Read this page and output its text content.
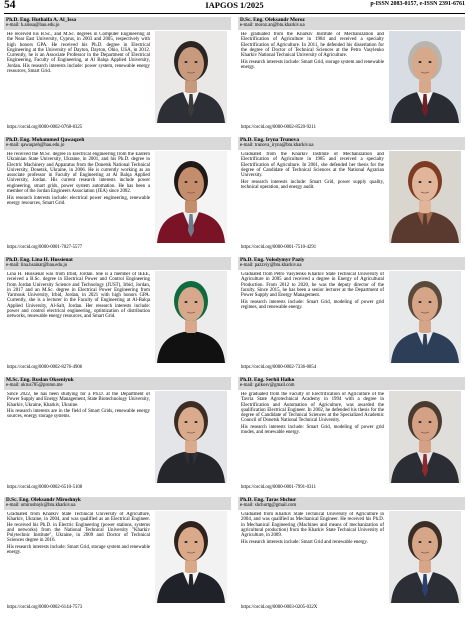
54	IAPGOS 1/2025	p-ISSN 2083-0157, e-ISSN 2391-6761
Ph.D. Eng. Huthaifa A. Al_Issa
e-mail: h.alissa@bau.edu.jo

He received his B.Sc., and M.Sc. degrees in Computer Engineering at the Near East University, Cyprus, in 2003 and 2005, respectively with high honors GPA. He received his Ph.D. degree in Electrical Engineering at the University of Dayton, Dayton, Ohio, USA, in 2012. Currently, he is an Associate Professor in the Department of Electrical Engineering, Faculty of Engineering, at Al Balqa Applied University, Jordan. His research interests include: power system, renewable energy resources, Smart Grid.

https://orcid.org/0000-0002-0768-8325
D.Sc. Eng. Oleksandr Moroz
e-mail: moroz.an@btu.kharkiv.ua

He graduated from the Kharkiv Institute of Mechanization and Electrification of Agriculture in 1984 and received a specialty Electrification of Agriculture. In 2011, he defended his dissertation for the degree of Doctor of Technical Sciences at the Petro Vasylenko Kharkiv National Technical University of Agriculture.

His research interests include: Smart Grid, storage system and renewable energy.

https://orcid.org/0000-0002-8520-9211
Ph.D. Eng. Mohammed Qawaqzeh
e-mail: qawaqzeh@bau.edu.jo

He received the M.Sc. degree in Electrical engineering from the Eastern Ukrainian State University, Ukraine, in 2001, and his Ph.D. degree in Electric Machinery and Apparatus from the Donetsk National Technical University, Donetsk, Ukraine, in 2006. He is currently working as an associate professor in Faculty of Engineering at Al Balqa Applied University, Jordan. His current research interests include power engineering, smart grids, power system automation. He has been a member of the Jordan Engineers Association (JEA) since 2002.

His research interests include: electrical power engineering, renewable energy resources, Smart Grid.

https://orcid.org/0000-0001-7027-5577
Ph.D. Eng. Iryna Trunova
e-mail: trunova_iryna@btu.kharkiv.ua

Graduated from the Kharkiv Institute of Mechanization and Electrification of Agriculture in 1985 and received a specialty Electrification of Agriculture. In 2001, she defended her thesis for the degree of Candidate of Technical Sciences at the National Agrarian University.

Her research interests include: Smart Grid, power supply quality, technical operation, and energy audit.

https://orcid.org/0000-0001-7510-4291
Ph.D. Eng. Lina H. Hussienat
e-mail: lina.hsainat@bau.edu.jo

Lina H. Hussienat was from Irbid, Jordan. She is a member of IEEE, received a B.Sc. degree in Electrical Power and Control Engineering from Jordan University Science and Technology (JUST), Irbid, Jordan, in 2017 and an M.Sc. degree in Electrical Power Engineering from Yarmouk University, Irbid, Jordan, in 2021 with high honors GPA. Currently, she is a lecturer in the Faculty of Engineering at Al-Balqa Applied University, Al-Salt, Jordan. Her research interests include: power and control electrical engineering, optimization of distribution networks, renewable energy resources, and Smart Grid.

https://orcid.org/0000-0002-8276-4906
Ph.D. Eng. Volodymyr Paziy
e-mail: pazzviy@btu.kharkiv.ua

Graduated from Petro Vasylenko Kharkiv State Technical University of Agriculture in 2005 and received a degree in Energy of Agricultural Production. From 2012 to 2020, he was the deputy director of the faculty. Since 2015, he has been a senior lecturer at the Department of Power Supply and Energy Management.

His research interests include: Smart Grid, modeling of power grid regimes, and renewable energy.

https://orcid.org/0000-0002-7336-0854
M.Sc. Eng. Ruslan Okseniyuk
e-mail: okrus785@proton.me

Since 2022, he has been studying for a Ph.D. at the Department of Power Supply and Energy Management, State Biotechnology University, Kharkiv, Ukraine, Kharkiv, Ukraine.

His research interests are in the field of Smart Grids, renewable energy sources, energy storage systems.

https://orcid.org/0000-0002-6510-5108
Ph.D. Eng. Serhii Halko
e-mail: galkosv@gmail.com

He graduated from the Faculty of Electrification of Agriculture of the Tavria State Agrotechnical Academy in 1994 with a degree in Electrification and Automation of Agriculture, was awarded the qualification Electrical Engineer. In 2002, he defended his thesis for the degree of Candidate of Technical Sciences at the Specialized Academic Council of Donetsk National Technical University.

His research interests include: Smart Grid, modeling of power grid modes, and renewable energy.

https://orcid.org/0000-0001-7991-0311
D.Sc. Eng. Oleksandr Miroshnyk
e-mail: omiroshnyk@btu.kharkiv.ua

Graduated from Kharkiv State Technical University of Agriculture, Kharkiv, Ukraine, in 2004, and was qualified as an Electrical Engineer. He received his Ph.D. in Electric Engineering (power stations, systems and networks) from the National Technical University "Kharkiv Polytechnic Institute", Ukraine, in 2009 and Doctor of Technical Sciences degree in 2016.

His research interests include: Smart Grid, storage system and renewable energy.

https://orcid.org/0000-0002-6144-7573
Ph.D. Eng. Taras Shchur
e-mail: shchurtg@gmail.com

Graduated from Kharkiv State Technical University of Agriculture in 2004, and was qualified as Mechanical Engineer. He received his Ph.D. in Mechanical Engineering (Machines and means of mechanization of agricultural production) from the Kharkiv State Technical University of Agriculture, in 2009.

His research interests include: Smart Grid and renewable energy.

https://orcid.org/0000-0003-0205-032X
